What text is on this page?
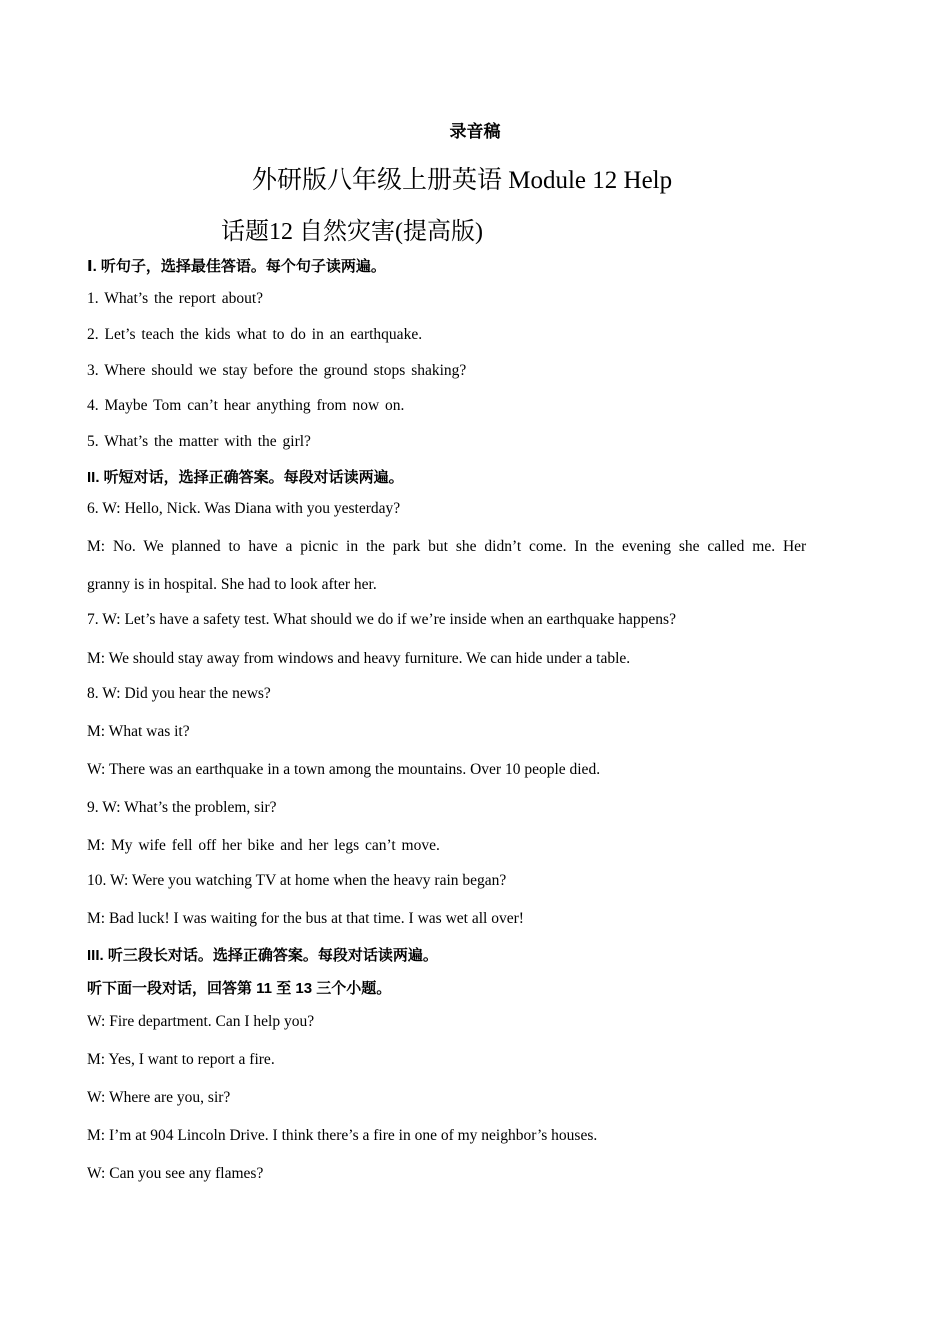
录音稿
外研版八年级上册英语 Module 12 Help
话题12 自然灾害(提高版)
Ⅰ. 听句子，选择最佳答语。每个句子读两遍。
1. What’s the report about?
2. Let’s teach the kids what to do in an earthquake.
3. Where should we stay before the ground stops shaking?
4. Maybe Tom can’t hear anything from now on.
5. What’s the matter with the girl?
II. 听短对话，选择正确答案。每段对话读两遍。
6. W: Hello, Nick. Was Diana with you yesterday?
M: No. We planned to have a picnic in the park but she didn’t come. In the evening she called me. Her
granny is in hospital. She had to look after her.
7. W: Let’s have a safety test. What should we do if we’re inside when an earthquake happens?
M: We should stay away from windows and heavy furniture. We can hide under a table.
8. W: Did you hear the news?
M: What was it?
W: There was an earthquake in a town among the mountains. Over 10 people died.
9. W: What’s the problem, sir?
M: My wife fell off her bike and her legs can’t move.
10. W: Were you watching TV at home when the heavy rain began?
M: Bad luck! I was waiting for the bus at that time. I was wet all over!
III. 听三段长对话。选择正确答案。每段对话读两遍。
听下面一段对话，回答第 11 至 13 三个小题。
W: Fire department. Can I help you?
M: Yes, I want to report a fire.
W: Where are you, sir?
M: I’m at 904 Lincoln Drive. I think there’s a fire in one of my neighbor’s houses.
W: Can you see any flames?
